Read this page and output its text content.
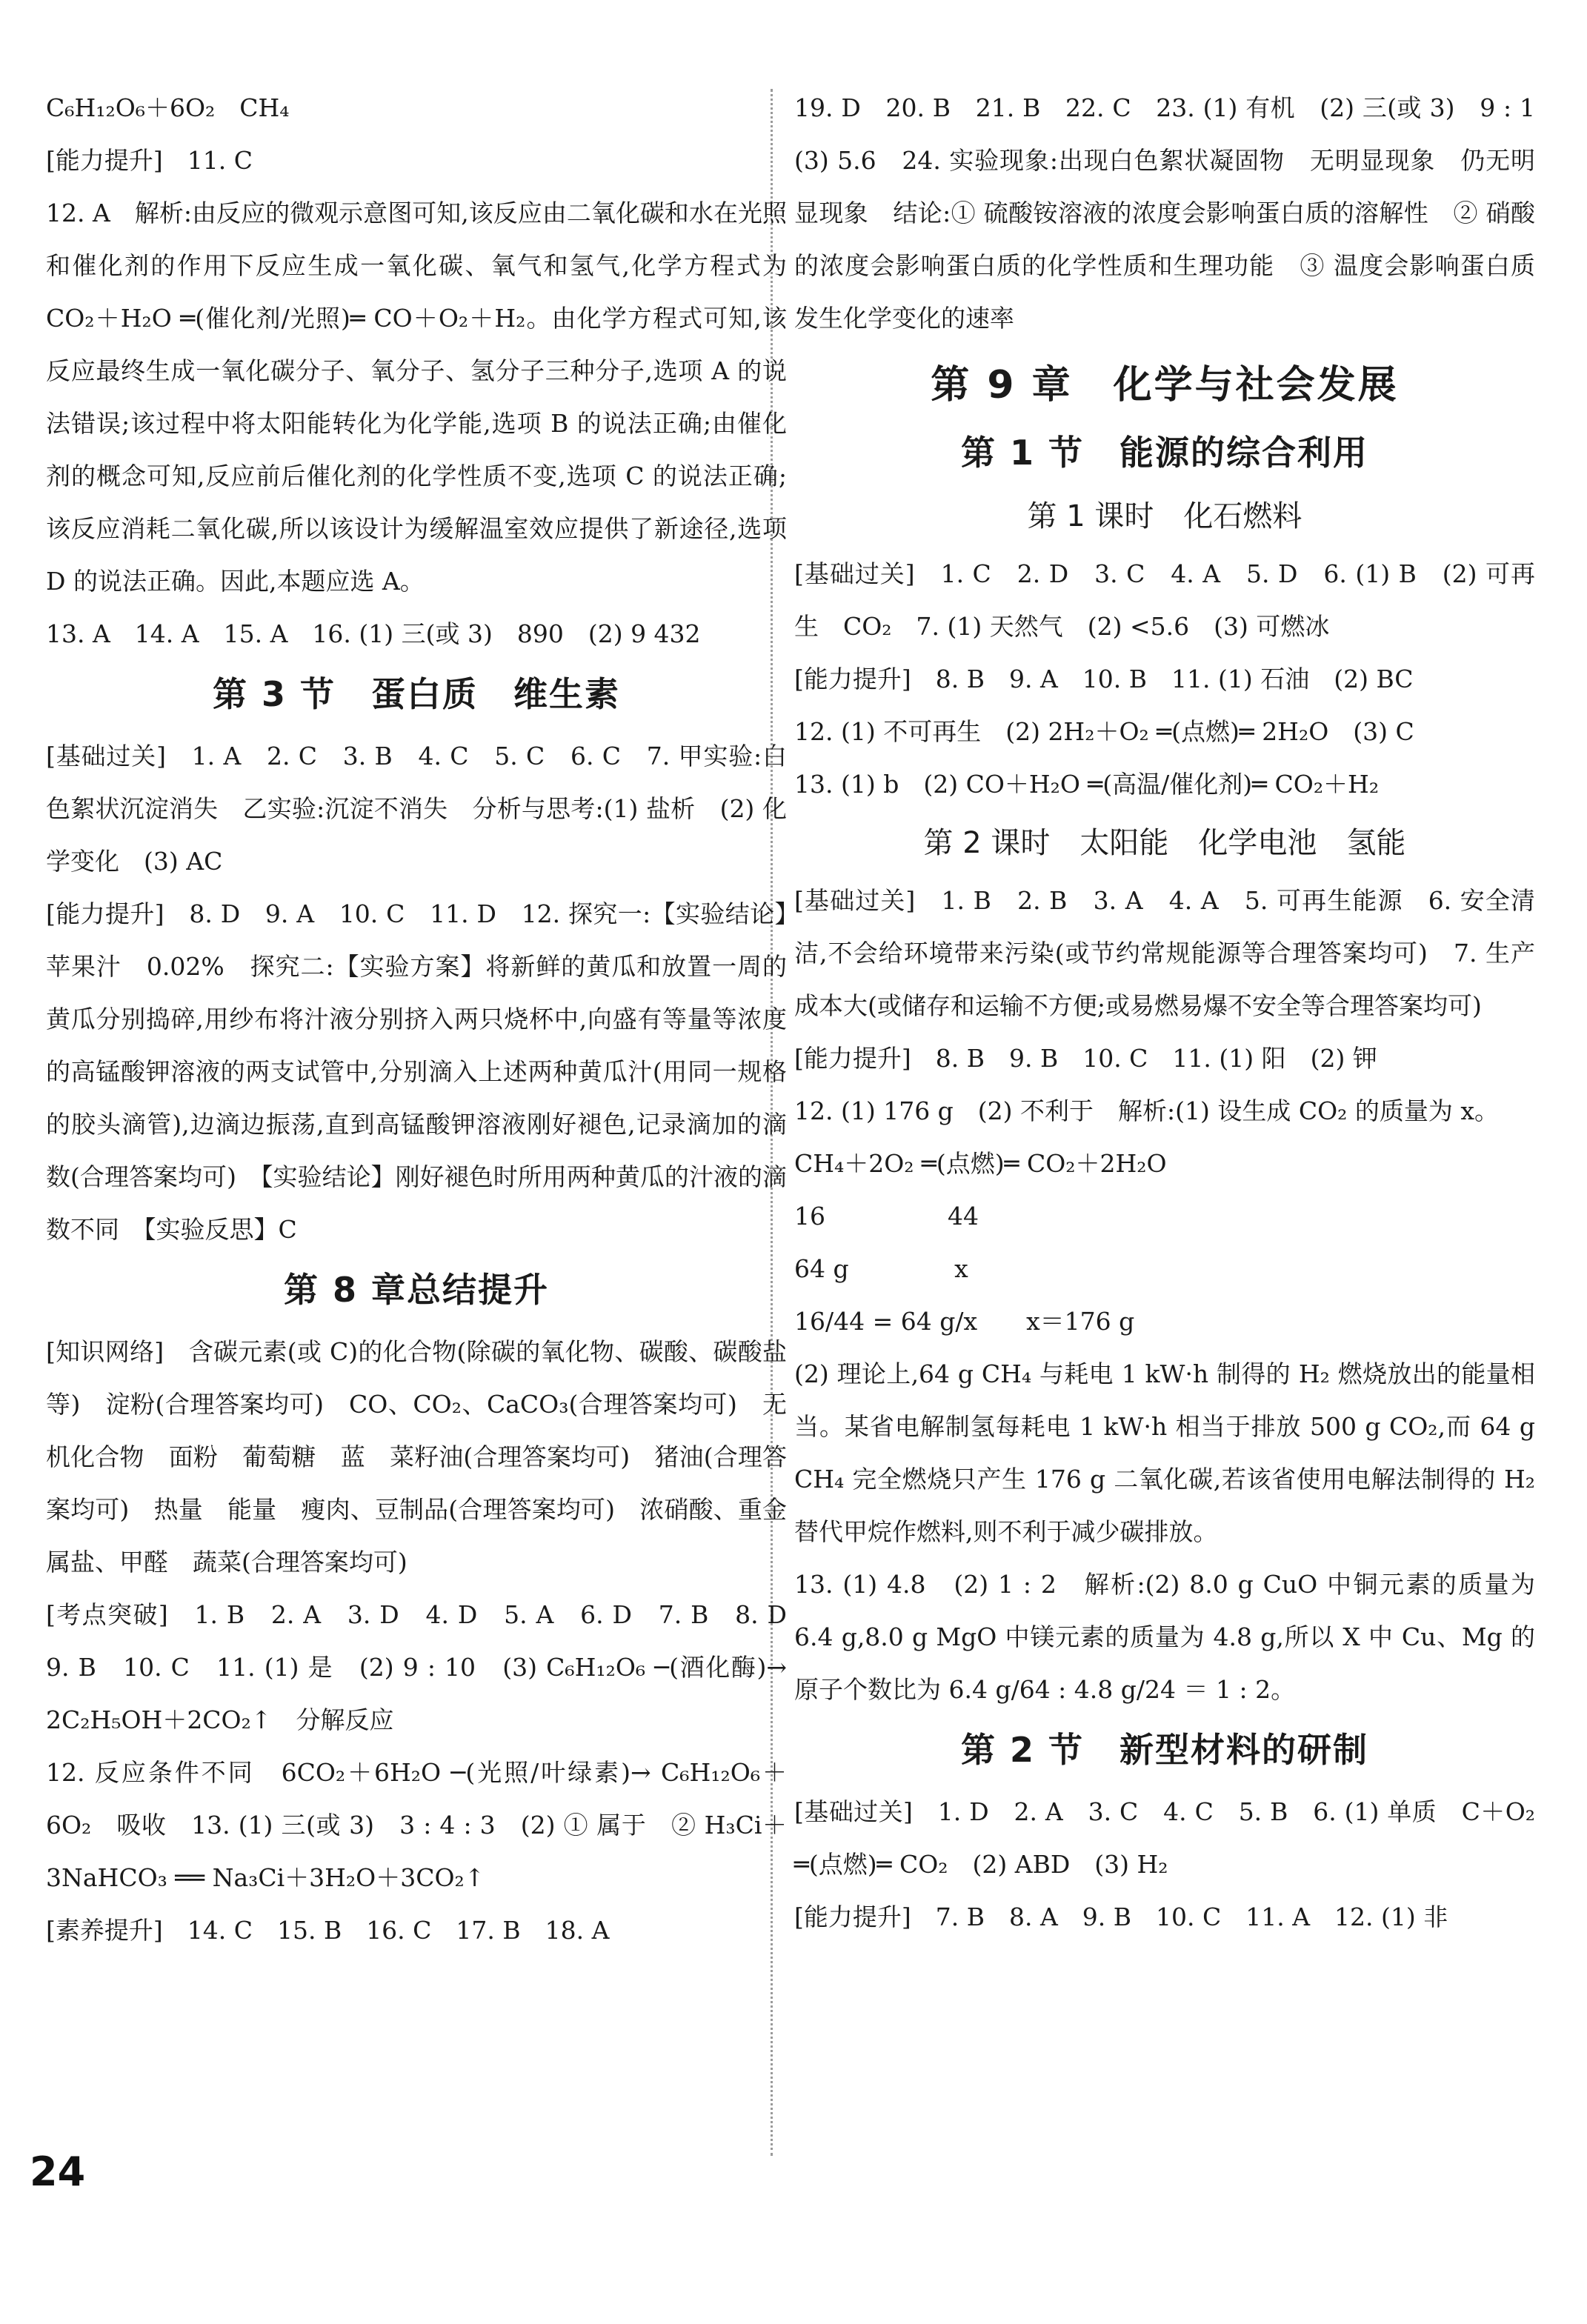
C₆H₁₂O₆＋6O₂　CH₄

[能力提升]　11. C

12. A　解析:由反应的微观示意图可知,该反应由二氧化碳和水在光照和催化剂的作用下反应生成一氧化碳、氧气和氢气,化学方程式为 CO₂＋H₂O ═(催化剂/光照)═ CO＋O₂＋H₂。由化学方程式可知,该反应最终生成一氧化碳分子、氧分子、氢分子三种分子,选项 A 的说法错误;该过程中将太阳能转化为化学能,选项 B 的说法正确;由催化剂的概念可知,反应前后催化剂的化学性质不变,选项 C 的说法正确;该反应消耗二氧化碳,所以该设计为缓解温室效应提供了新途径,选项 D 的说法正确。因此,本题应选 A。

13. A　14. A　15. A　16. (1) 三(或 3)　890　(2) 9 432

第 3 节　蛋白质　维生素

[基础过关]　1. A　2. C　3. B　4. C　5. C　6. C　7. 甲实验:白色絮状沉淀消失　乙实验:沉淀不消失　分析与思考:(1) 盐析　(2) 化学变化　(3) AC

[能力提升]　8. D　9. A　10. C　11. D　12. 探究一:【实验结论】苹果汁　0.02%　探究二:【实验方案】将新鲜的黄瓜和放置一周的黄瓜分别捣碎,用纱布将汁液分别挤入两只烧杯中,向盛有等量等浓度的高锰酸钾溶液的两支试管中,分别滴入上述两种黄瓜汁(用同一规格的胶头滴管),边滴边振荡,直到高锰酸钾溶液刚好褪色,记录滴加的滴数(合理答案均可)　【实验结论】刚好褪色时所用两种黄瓜的汁液的滴数不同　【实验反思】C

第 8 章总结提升

[知识网络]　含碳元素(或 C)的化合物(除碳的氧化物、碳酸、碳酸盐等)　淀粉(合理答案均可)　CO、CO₂、CaCO₃(合理答案均可)　无机化合物　面粉　葡萄糖　蓝　菜籽油(合理答案均可)　猪油(合理答案均可)　热量　能量　瘦肉、豆制品(合理答案均可)　浓硝酸、重金属盐、甲醛　蔬菜(合理答案均可)

[考点突破]　1. B　2. A　3. D　4. D　5. A　6. D　7. B　8. D　9. B　10. C　11. (1) 是　(2) 9 : 10　(3) C₆H₁₂O₆ ─(酒化酶)→ 2C₂H₅OH＋2CO₂↑　分解反应

12. 反应条件不同　6CO₂＋6H₂O ─(光照/叶绿素)→ C₆H₁₂O₆＋6O₂　吸收　13. (1) 三(或 3)　3 : 4 : 3　(2) ① 属于　② H₃Ci＋3NaHCO₃ ══ Na₃Ci＋3H₂O＋3CO₂↑

[素养提升]　14. C　15. B　16. C　17. B　18. A

19. D　20. B　21. B　22. C　23. (1) 有机　(2) 三(或 3)　9 : 1　(3) 5.6　24. 实验现象:出现白色絮状凝固物　无明显现象　仍无明显现象　结论:① 硫酸铵溶液的浓度会影响蛋白质的溶解性　② 硝酸的浓度会影响蛋白质的化学性质和生理功能　③ 温度会影响蛋白质发生化学变化的速率

第 9 章　化学与社会发展
第 1 节　能源的综合利用
第 1 课时　化石燃料

[基础过关]　1. C　2. D　3. C　4. A　5. D　6. (1) B　(2) 可再生　CO₂　7. (1) 天然气　(2) <5.6　(3) 可燃冰

[能力提升]　8. B　9. A　10. B　11. (1) 石油　(2) BC

12. (1) 不可再生　(2) 2H₂＋O₂ ═(点燃)═ 2H₂O　(3) C

13. (1) b　(2) CO＋H₂O ═(高温/催化剂)═ CO₂＋H₂

第 2 课时　太阳能　化学电池　氢能

[基础过关]　1. B　2. B　3. A　4. A　5. 可再生能源　6. 安全清洁,不会给环境带来污染(或节约常规能源等合理答案均可)　7. 生产成本大(或储存和运输不方便;或易燃易爆不安全等合理答案均可)

[能力提升]　8. B　9. B　10. C　11. (1) 阳　(2) 钾

12. (1) 176 g　(2) 不利于　解析:(1) 设生成 CO₂ 的质量为 x。

CH₄＋2O₂ ═(点燃)═ CO₂＋2H₂O

16　　　　　44

64 g　　　　 x

16/44 = 64 g/x　　x＝176 g

(2) 理论上,64 g CH₄ 与耗电 1 kW·h 制得的 H₂ 燃烧放出的能量相当。某省电解制氢每耗电 1 kW·h 相当于排放 500 g CO₂,而 64 g CH₄ 完全燃烧只产生 176 g 二氧化碳,若该省使用电解法制得的 H₂ 替代甲烷作燃料,则不利于减少碳排放。

13. (1) 4.8　(2) 1 : 2　解析:(2) 8.0 g CuO 中铜元素的质量为 6.4 g,8.0 g MgO 中镁元素的质量为 4.8 g,所以 X 中 Cu、Mg 的原子个数比为 6.4 g/64 : 4.8 g/24 ＝ 1 : 2。

第 2 节　新型材料的研制

[基础过关]　1. D　2. A　3. C　4. C　5. B　6. (1) 单质　C＋O₂ ═(点燃)═ CO₂　(2) ABD　(3) H₂

[能力提升]　7. B　8. A　9. B　10. C　11. A　12. (1) 非

24
